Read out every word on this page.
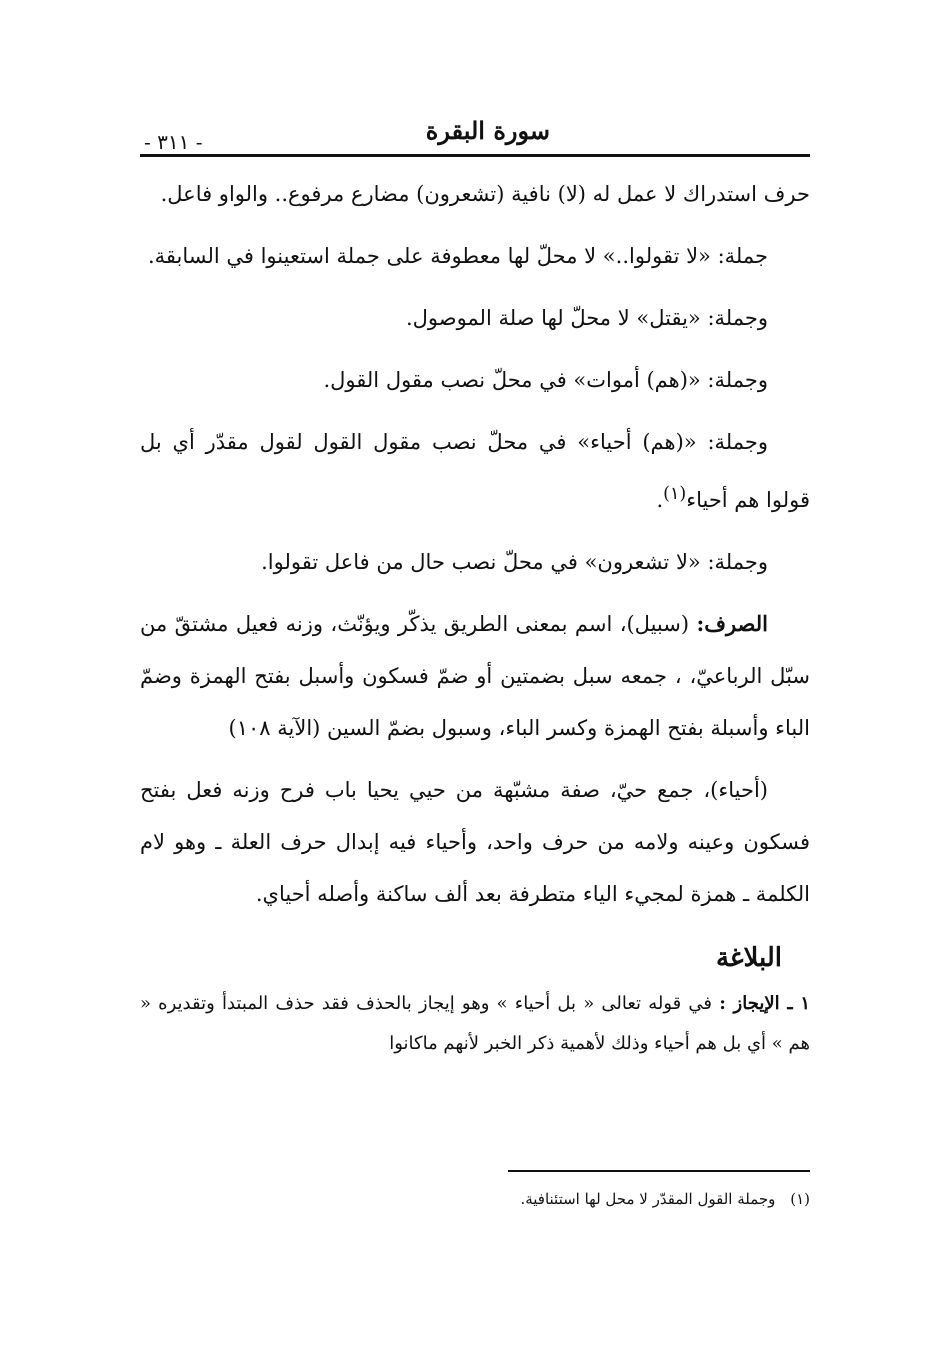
سورة البقرة
- ٣١١ -

حرف استدراك لا عمل له (لا) نافية (تشعرون) مضارع مرفوع.. والواو فاعل.

جملة: «لا تقولوا..» لا محلّ لها معطوفة على جملة استعينوا في السابقة.

وجملة: «يقتل» لا محلّ لها صلة الموصول.

وجملة: «(هم) أموات» في محلّ نصب مقول القول.

وجملة: «(هم) أحياء» في محلّ نصب مقول القول لقول مقدّر أي بل قولوا هم أحياء$^{(١)}$.

وجملة: «لا تشعرون» في محلّ نصب حال من فاعل تقولوا.

الصرف: (سبيل)، اسم بمعنى الطريق يذكّر ويؤنّث، وزنه فعيل مشتقّ من سبّل الرباعيّ، ، جمعه سبل بضمتين أو ضمّ فسكون وأسبل بفتح الهمزة وضمّ الباء وأسبلة بفتح الهمزة وكسر الباء، وسبول بضمّ السين (الآية ١٠٨)

(أحياء)، جمع حيّ، صفة مشبّهة من حيي يحيا باب فرح وزنه فعل بفتح فسكون وعينه ولامه من حرف واحد، وأحياء فيه إبدال حرف العلة ـ وهو لام الكلمة ـ همزة لمجيء الياء متطرفة بعد ألف ساكنة وأصله أحياي.

البلاغة

١ ـ الإيجاز : في قوله تعالى « بل أحياء » وهو إيجاز بالحذف فقد حذف المبتدأ وتقديره « هم » أي بل هم أحياء وذلك لأهمية ذكر الخبر لأنهم ماكانوا

(١) وجملة القول المقدّر لا محل لها استئنافية.
